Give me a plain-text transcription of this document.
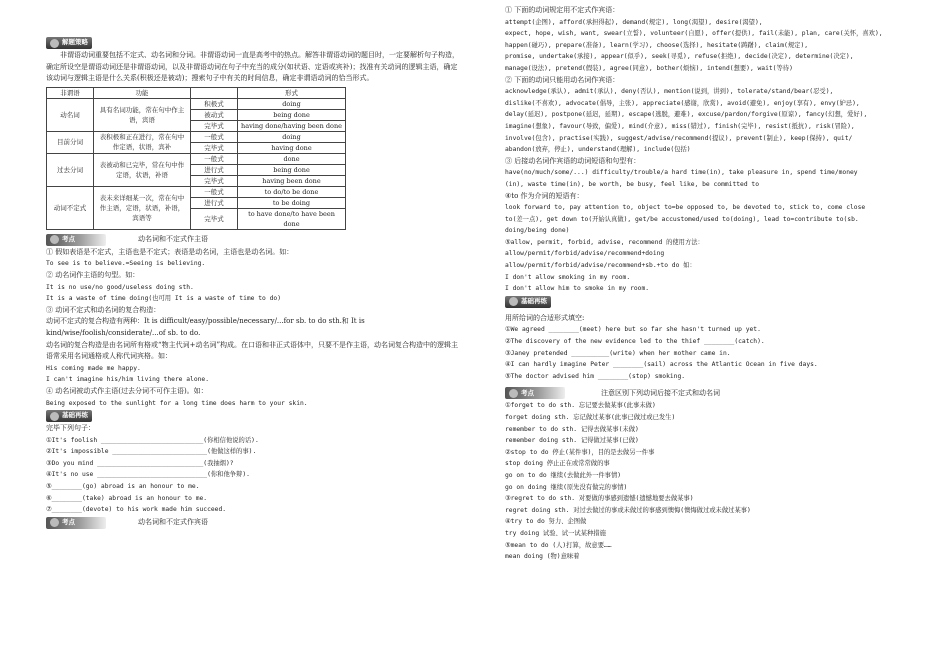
解题策略

非谓语动词重要包括不定式、动名词和分词。非谓语动词一直是高考中的热点。解答非谓语动词的题目时，一定要解析句子构造，确定所设空是谓语动词还是非谓语动词，以及非谓语动词在句子中充当的成分(如状语、定语或宾补)；找准有关动词的逻辑主语，确定该动词与逻辑主语是什么关系(积极还是被动)；搜索句子中有关的时间信息，确定非谓语动词的恰当形式。

非谓语	功能		形式
动名词	具有名词功能，常在句中作主语，宾语	积极式	doing
		被动式	being done
		完毕式	having done/having been done
目前分词	表积极和正在进行，常在句中作定语，状语，宾补	一般式	doing
		完毕式	having done
过去分词	表被动和已完毕，常在句中作定语，状语，补语	一般式	done
		进行式	being done
		完毕式	having been done
动词不定式	表未来详细某一次，常在句中作主语，定语，状语，补语，宾语等	一般式	to do/to be done
		进行式	to be doing
		完毕式	to have done/to have been done
考点	动名词和不定式作主语

① 假如表语是不定式，主语也是不定式；表语是动名词，主语也是动名词。如：

To see is to believe.=Seeing is believing.

② 动名词作主语的句型。如：

It is no use/no good/useless doing sth.

It is a waste of time doing(也可用 It is a waste of time to do)

③ 动词不定式和动名词的复合构造：

动词不定式的复合构造有两种：It is difficult/easy/possible/necessary/...for sb. to do sth.和 It is kind/wise/foolish/considerate/...of sb. to do.

动名词的复合构造是由名词所有格或“物主代词+动名词”构成。在口语和非正式语体中，只要不是作主语，动名词复合构造中的逻辑主语常采用名词通格或人称代词宾格。如：

His coming made me happy.

I can't imagine his/him living there alone.

④ 动名词被动式作主语(过去分词不可作主语)。如：

Being exposed to the sunlight for a long time does harm to your skin.

基础再练

完毕下列句子：

①It's foolish ___________________________(你相信他说的话).

②It's impossible _________________________(他做这样的事).

③Do you mind ____________________________(我抽烟)?

④It's no use _____________________________(你和他争辩).

⑤________(go) abroad is an honour to me.

⑥________(take) abroad is an honour to me.

⑦________(devote) to his work made him succeed.

考点	动名词和不定式作宾语

① 下面的动词规定用不定式作宾语：

attempt(企图), afford(承担得起), demand(规定), long(渴望), desire(渴望),

expect, hope, wish, want, swear(立誓), volunteer(自愿), offer(提供), fail(未能), plan, care(关怀，喜欢),

happen(碰巧), prepare(准备), learn(学习), choose(选择), hesitate(踌躇), claim(规定),

promise, undertake(承接), appear(似乎), seek(寻觅), refuse(拒绝), decide(决定), determine(决定),

manage(设法), pretend(假装), agree(同意), bother(烦恼), intend(想要), wait(等待)

② 下面的动词只能用动名词作宾语：

acknowledge(承认), admit(承认), deny(否认), mention(说到，讲到), tolerate/stand/bear(忍受),

dislike(不喜欢), advocate(倡导，主张), appreciate(感谢，欣赏), avoid(避免), enjoy(享有), envy(妒忌),

delay(延迟), postpone(延迟，延期), escape(逃脱，避难), excuse/pardon/forgive(原谅), fancy(幻想，爱好),

imagine(想象), favour(导致，偏爱), mind(介意), miss(错过), finish(完毕), resist(抵抗), risk(冒险),

involve(包含), practise(实践), suggest/advise/recommend(提议), prevent(制止), keep(保持), quit/

abandon(放弃，停止), understand(理解), include(包括)

③ 后接动名词作宾语的动词短语和句型有：

have(no/much/some/...) difficulty/trouble/a hard time(in), take pleasure in, spend time/money

(in), waste time(in), be worth, be busy, feel like, be committed to

④to 作为介词的短语有：

look forward to, pay attention to, object to=be opposed to, be devoted to, stick to, come close

to(差一点), get down to(开始认真做), get/be accustomed/used to(doing), lead to=contribute to(sb.

doing/being done)

⑤allow, permit, forbid, advise, recommend 的使用方法：

allow/permit/forbid/advise/recommend+doing

allow/permit/forbid/advise/recommend+sb.+to do 如：

I don't allow smoking in my room.

I don't allow him to smoke in my room.

基础再练

用所给词的合适形式填空:

①We agreed ________(meet) here but so far she hasn't turned up yet.

②The discovery of the new evidence led to the thief ________(catch).

③Janey pretended __________(write) when her mother came in.

④I can hardly imagine Peter ________(sail) across the Atlantic Ocean in five days.

⑤The doctor advised him ________(stop) smoking.

考点	注意区别下列动词后接不定式和动名词

①forget to do sth. 忘记要去做某事(此事未做)

forget doing sth. 忘记做过某事(此事已做过或已发生)

remember to do sth. 记得去做某事(未做)

remember doing sth. 记得做过某事(已做)

②stop to do 停止(某件事)，目的是去做另一件事

stop doing 停止正在或常常做的事

go on to do 继续(去做此外一件事情)

go on doing 继续(原先没有做完的事情)

③regret to do sth. 对要做的事感到遗憾(遗憾地要去做某事)

regret doing sth. 对过去做过的事或未做过的事感到懊悔(懊悔做过或未做过某事)

④try to do 努力、企图做

try doing 试验、试一试某种措施

⑤mean to do (人)打算，故意要……

mean doing (物)意味着
